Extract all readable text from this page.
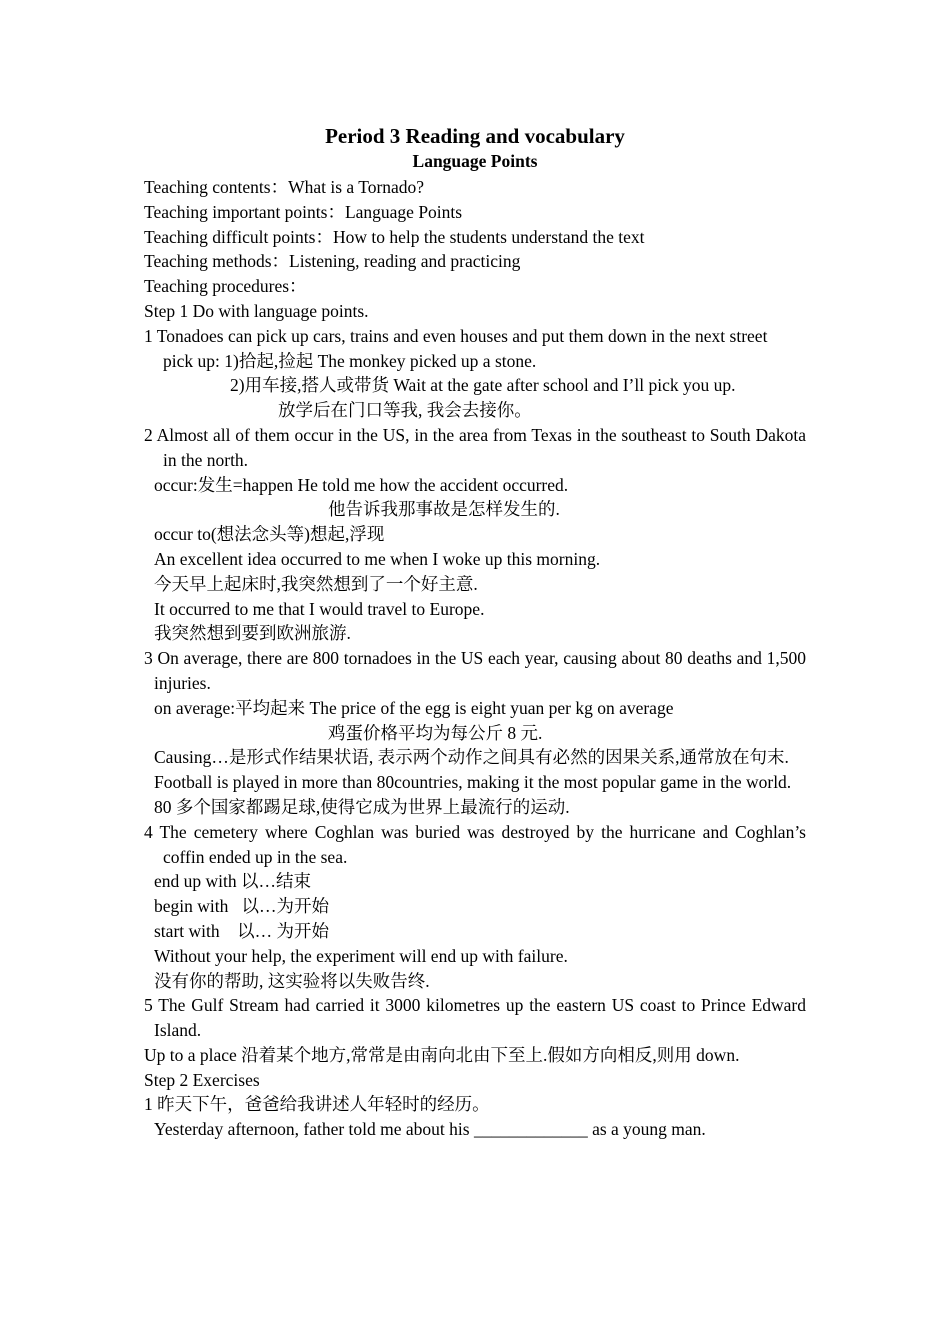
Period 3 Reading and vocabulary

Language Points

Teaching contents：What is a Tornado?

Teaching important points：Language Points

Teaching difficult points：How to help the students understand the text

Teaching methods：Listening, reading and practicing

Teaching procedures：

Step 1 Do with language points.

1 Tonadoes can pick up cars, trains and even houses and put them down in the next street

pick up: 1)拾起,捡起 The monkey picked up a stone.

2)用车接,搭人或带货 Wait at the gate after school and I’ll pick you up.

放学后在门口等我, 我会去接你。

2 Almost all of them occur in the US, in the area from Texas in the southeast to South Dakota in the north.

occur:发生=happen He told me how the accident occurred.

他告诉我那事故是怎样发生的.

occur to(想法念头等)想起,浮现

An excellent idea occurred to me when I woke up this morning.

今天早上起床时,我突然想到了一个好主意.

It occurred to me that I would travel to Europe.

我突然想到要到欧洲旅游.

3 On average, there are 800 tornadoes in the US each year, causing about 80 deaths and 1,500 injuries.

on average:平均起来 The price of the egg is eight yuan per kg on average

鸡蛋价格平均为每公斤 8 元.

Causing…是形式作结果状语, 表示两个动作之间具有必然的因果关系,通常放在句末.

Football is played in more than 80countries, making it the most popular game in the world.

80 多个国家都踢足球,使得它成为世界上最流行的运动.

4 The cemetery where Coghlan was buried was destroyed by the hurricane and Coghlan’s coffin ended up in the sea.

end up with 以…结束

begin with   以…为开始

start with    以… 为开始

Without your help, the experiment will end up with failure.

没有你的帮助, 这实验将以失败告终.

5 The Gulf Stream had carried it 3000 kilometres up the eastern US coast to Prince Edward Island.

Up to a place 沿着某个地方,常常是由南向北由下至上.假如方向相反,则用 down.

Step 2 Exercises

1 昨天下午，爸爸给我讲述人年轻时的经历。

Yesterday afternoon, father told me about his _____________ as a young man.
